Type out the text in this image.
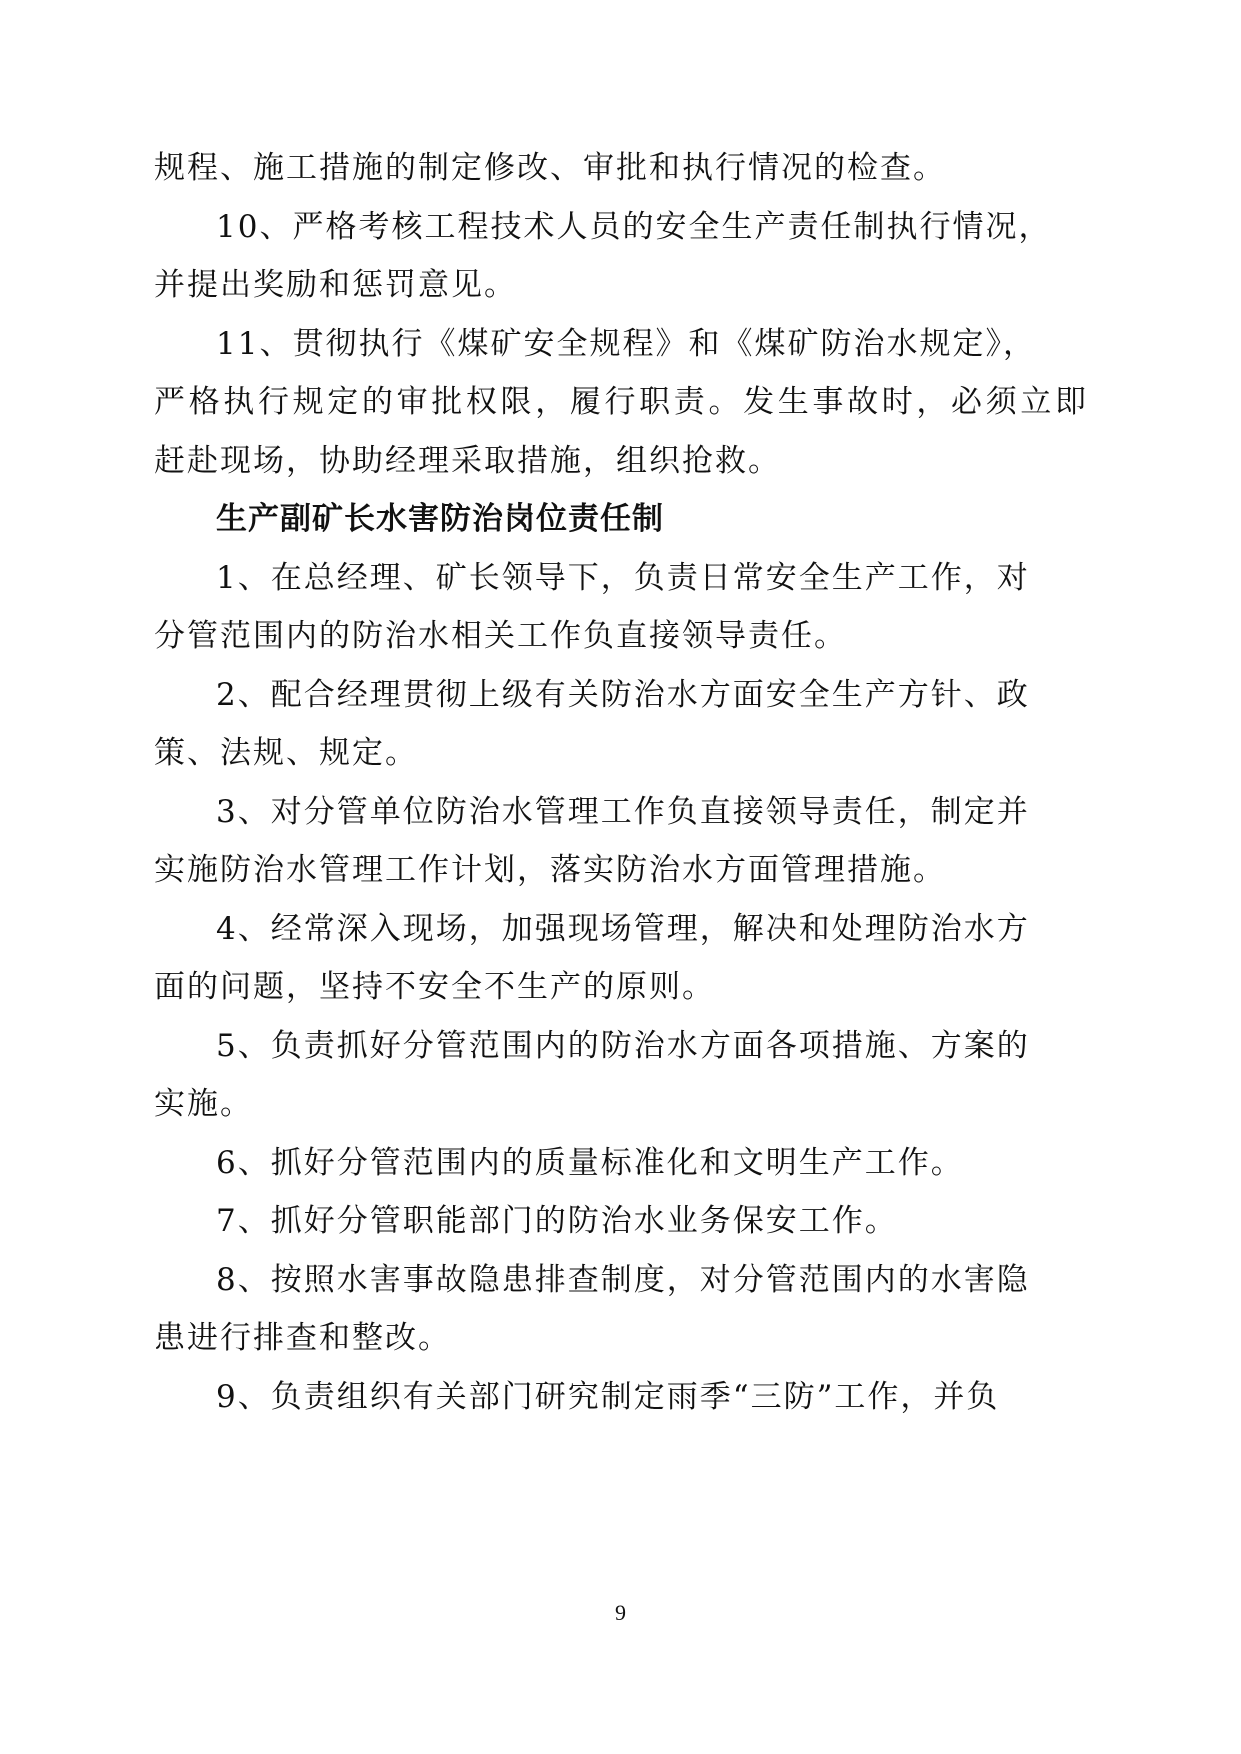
规程、施工措施的制定修改、审批和执行情况的检查。
10、严格考核工程技术人员的安全生产责任制执行情况，
并提出奖励和惩罚意见。
11、贯彻执行《煤矿安全规程》和《煤矿防治水规定》，
严格执行规定的审批权限，履行职责。发生事故时，必须立即
赶赴现场，协助经理采取措施，组织抢救。
生产副矿长水害防治岗位责任制
1、在总经理、矿长领导下，负责日常安全生产工作，对
分管范围内的防治水相关工作负直接领导责任。
2、配合经理贯彻上级有关防治水方面安全生产方针、政
策、法规、规定。
3、对分管单位防治水管理工作负直接领导责任，制定并
实施防治水管理工作计划，落实防治水方面管理措施。
4、经常深入现场，加强现场管理，解决和处理防治水方
面的问题，坚持不安全不生产的原则。
5、负责抓好分管范围内的防治水方面各项措施、方案的
实施。
6、抓好分管范围内的质量标准化和文明生产工作。
7、抓好分管职能部门的防治水业务保安工作。
8、按照水害事故隐患排查制度，对分管范围内的水害隐
患进行排查和整改。
9、负责组织有关部门研究制定雨季“三防”工作，并负
9
